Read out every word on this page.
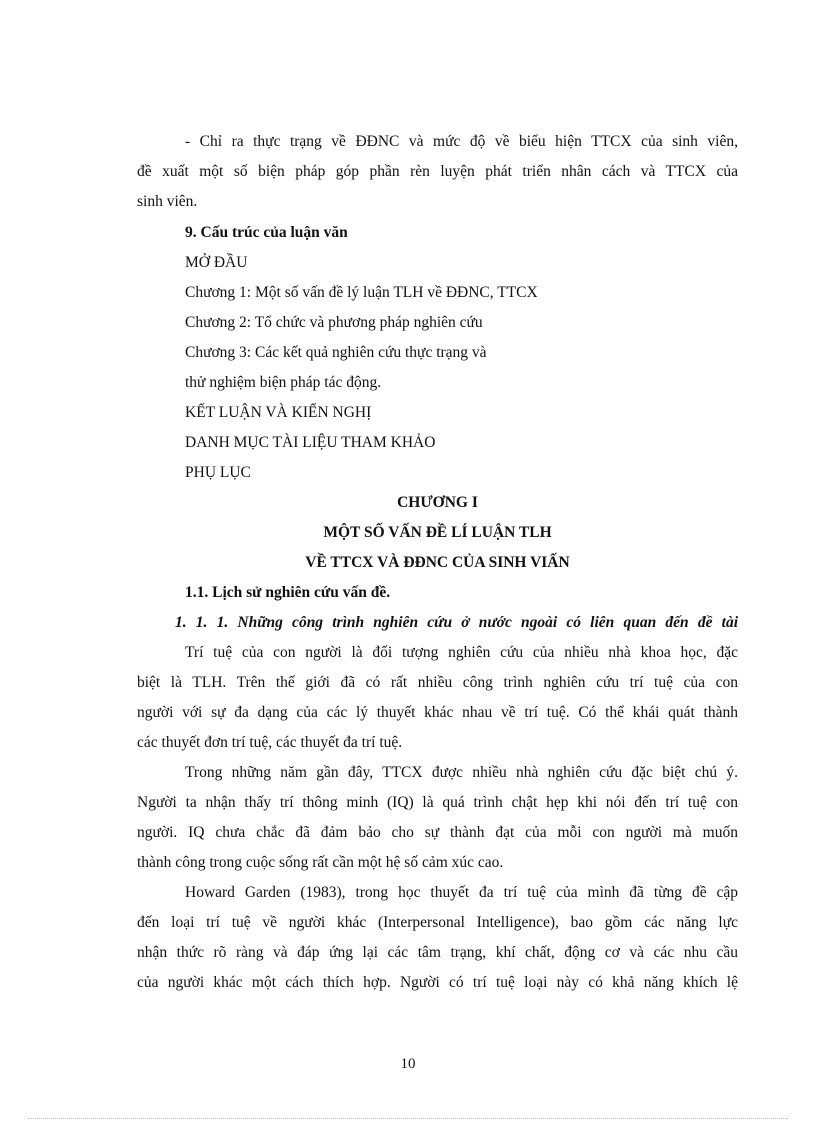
- Chỉ ra thực trạng về ĐĐNC và mức độ về biểu hiện TTCX của sinh viên,
đề xuất một số biện pháp góp phần rèn luyện phát triển nhân cách và TTCX của
sinh viên.
9. Cấu trúc của luận văn
MỞ ĐẦU
Chương 1: Một số vấn đề lý luận TLH về ĐĐNC, TTCX
Chương 2: Tổ chức và phương pháp nghiên cứu
Chương 3: Các kết quả nghiên cứu thực trạng và
thử nghiệm biện pháp tác động.
KẾT LUẬN VÀ KIẾN NGHỊ
DANH MỤC TÀI LIỆU THAM KHẢO
PHỤ LỤC
CHƯƠNG I
MỘT SỐ VẤN ĐỀ LÍ LUẬN TLH
VỀ TTCX VÀ ĐĐNC CỦA SINH VIẤN
1.1. Lịch sử nghiên cứu vấn đề.
1. 1. 1. Những công trình nghiên cứu ở nước ngoài có liên quan đến đề tài
Trí tuệ của con người là đối tượng nghiên cứu của nhiều nhà khoa học, đặc
biệt là TLH. Trên thế giới đã có rất nhiều công trình nghiên cứu trí tuệ của con
người với sự đa dạng của các lý thuyết khác nhau về trí tuệ. Có thể khái quát thành
các thuyết đơn trí tuệ, các thuyết đa trí tuệ.
Trong những năm gần đây, TTCX được nhiều nhà nghiên cứu đặc biệt chú ý.
Người ta nhận thấy trí thông minh (IQ) là quá trình chật hẹp khi nói đến trí tuệ con
người. IQ chưa chắc đã đảm bảo cho sự thành đạt của mỗi con người mà muốn
thành công trong cuộc sống rất cần một hệ số cảm xúc cao.
Howard Garden (1983), trong học thuyết đa trí tuệ của mình đã từng đề cập
đến loại trí tuệ về người khác (Interpersonal Intelligence), bao gồm các năng lực
nhận thức rõ ràng và đáp ứng lại các tâm trạng, khí chất, động cơ và các nhu cầu
của người khác một cách thích hợp. Người có trí tuệ loại này có khả năng khích lệ
10
